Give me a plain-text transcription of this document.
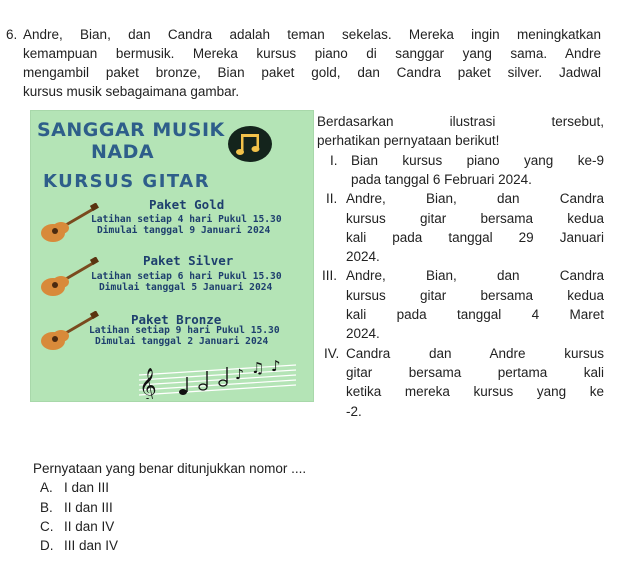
6. Andre, Bian, dan Candra adalah teman sekelas. Mereka ingin meningkatkan
kemampuan bermusik. Mereka kursus piano di sanggar yang sama. Andre
mengambil paket bronze, Bian paket gold, dan Candra paket silver. Jadwal
kursus musik sebagaimana gambar.
SANGGAR MUSIK
NADA
KURSUS GITAR
Paket Gold
Latihan setiap 4 hari Pukul 15.30
Dimulai tanggal 9 Januari 2024
Paket Silver
Latihan setiap 6 hari Pukul 15.30
Dimulai tanggal 5 Januari 2024
Paket Bronze
Latihan setiap 9 hari Pukul 15.30
Dimulai tanggal 2 Januari 2024
𝄞	♪ ♫ ♪
Berdasarkan ilustrasi tersebut,
perhatikan pernyataan berikut!
I. Bian kursus piano yang ke-9
pada tanggal 6 Februari 2024.
II. Andre, Bian, dan Candra
kursus gitar bersama kedua
kali pada tanggal 29 Januari
2024.
III. Andre, Bian, dan Candra
kursus gitar bersama kedua
kali pada tanggal 4 Maret
2024.
IV. Candra dan Andre kursus
gitar bersama pertama kali
ketika mereka kursus yang ke
-2.
Pernyataan yang benar ditunjukkan nomor ....
A. I dan III
B. II dan III
C. II dan IV
D. III dan IV
